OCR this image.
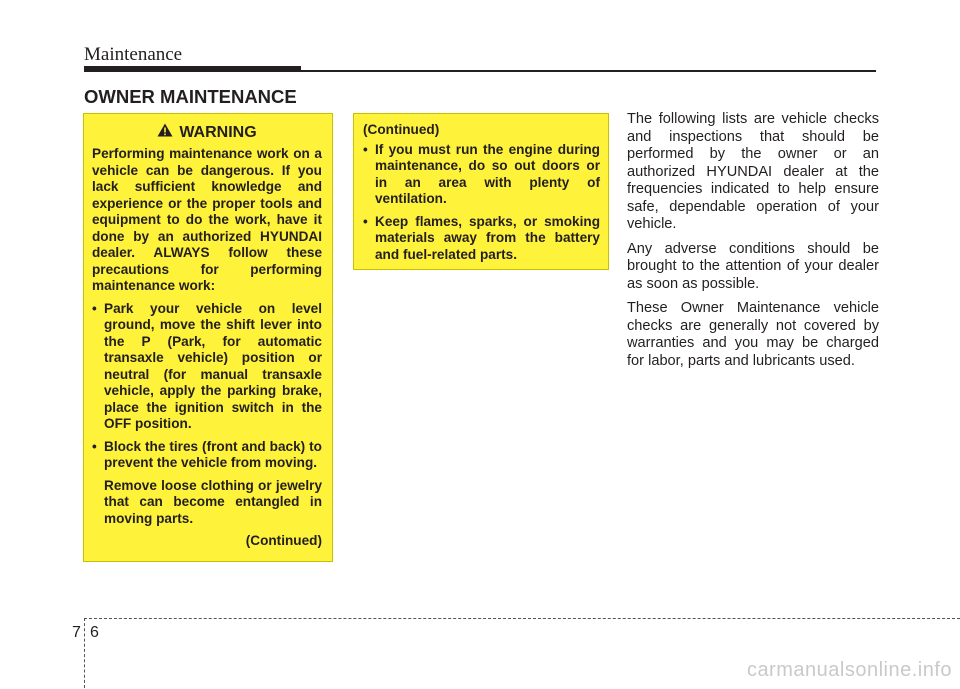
Maintenance
OWNER MAINTENANCE
WARNING

Performing maintenance work on a vehicle can be dangerous. If you lack sufficient knowledge and experience or the proper tools and equipment to do the work, have it done by an authorized HYUNDAI dealer. ALWAYS follow these precautions for performing maintenance work:

• Park your vehicle on level ground, move the shift lever into the P (Park, for automatic transaxle vehicle) position or neutral (for manual transaxle vehicle, apply the parking brake, place the ignition switch in the OFF position.
• Block the tires (front and back) to prevent the vehicle from moving.

Remove loose clothing or jewelry that can become entangled in moving parts.

(Continued)

(Continued)

• If you must run the engine during maintenance, do so out doors or in an area with plenty of ventilation.
• Keep flames, sparks, or smoking materials away from the battery and fuel-related parts.

The following lists are vehicle checks and inspections that should be performed by the owner or an authorized HYUNDAI dealer at the frequencies indicated to help ensure safe, dependable operation of your vehicle.

Any adverse conditions should be brought to the attention of your dealer as soon as possible.

These Owner Maintenance vehicle checks are generally not covered by warranties and you may be charged for labor, parts and lubricants used.

7 6
carmanualsonline.info
